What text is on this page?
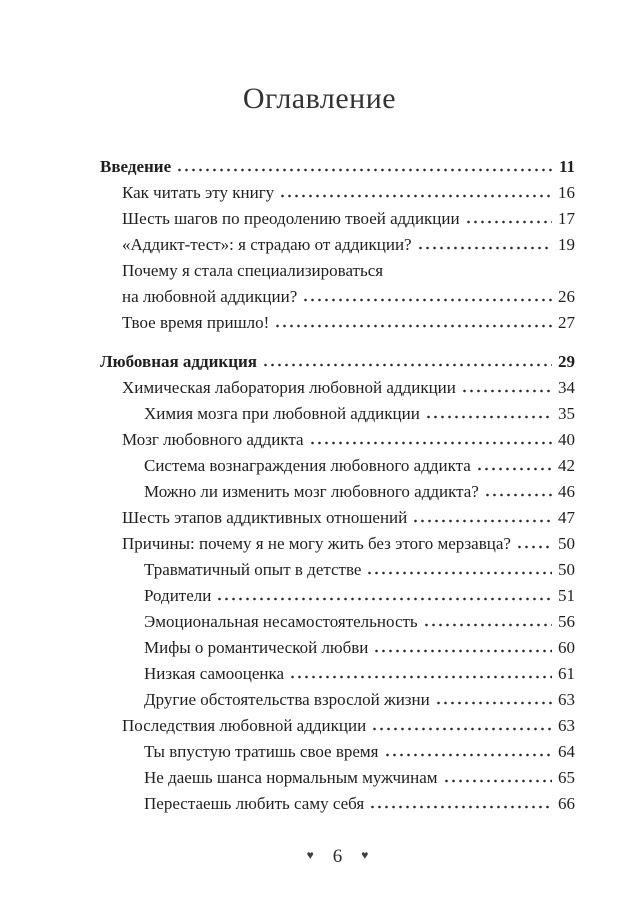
Оглавление
Введение	11
Как читать эту книгу	16
Шесть шагов по преодолению твоей аддикции	17
«Аддикт-тест»: я страдаю от аддикции?	19
Почему я стала специализироваться
на любовной аддикции?	26
Твое время пришло!	27
Любовная аддикция	29
Химическая лаборатория любовной аддикции	34
Химия мозга при любовной аддикции	35
Мозг любовного аддикта	40
Система вознаграждения любовного аддикта	42
Можно ли изменить мозг любовного аддикта?	46
Шесть этапов аддиктивных отношений	47
Причины: почему я не могу жить без этого мерзавца?	50
Травматичный опыт в детстве	50
Родители	51
Эмоциональная несамостоятельность	56
Мифы о романтической любви	60
Низкая самооценка	61
Другие обстоятельства взрослой жизни	63
Последствия любовной аддикции	63
Ты впустую тратишь свое время	64
Не даешь шанса нормальным мужчинам	65
Перестаешь любить саму себя	66
♥ 6 ♥
